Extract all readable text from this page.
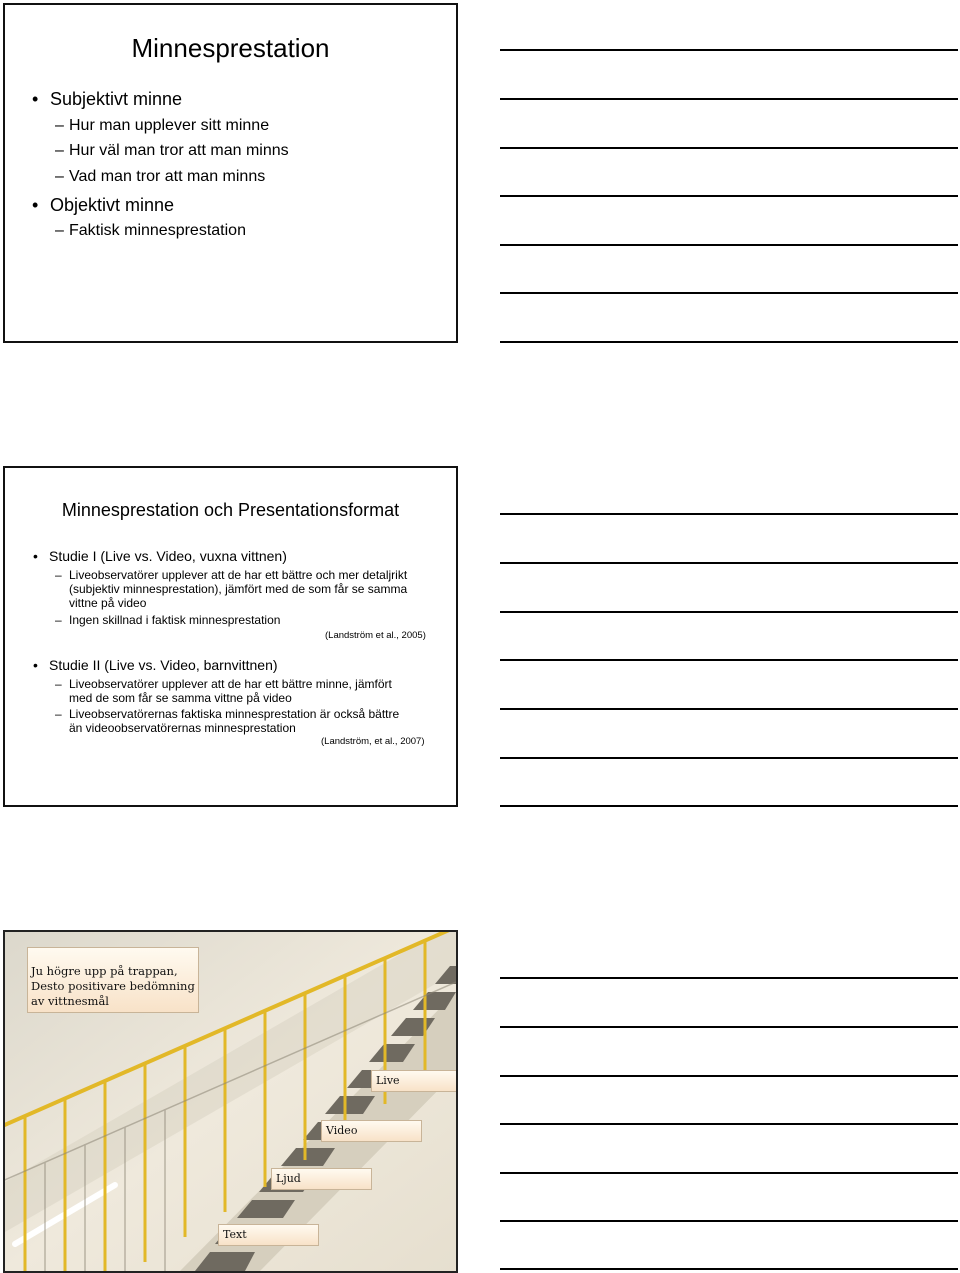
Minnesprestation
• Subjektivt minne
– Hur man upplever sitt minne
– Hur väl man tror att man minns
– Vad man tror att man minns
• Objektivt minne
– Faktisk minnesprestation
Minnesprestation och Presentationsformat
• Studie I (Live vs. Video, vuxna vittnen)
– Liveobservatörer upplever att de har ett bättre och mer detaljrikt
(subjektiv minnesprestation), jämfört med de som får se samma
vittne på video
– Ingen skillnad i faktisk minnesprestation
(Landström et al., 2005)
• Studie II (Live vs. Video, barnvittnen)
– Liveobservatörer upplever att de har ett bättre minne, jämfört
med de som får se samma vittne på video
– Liveobservatörernas faktiska minnesprestation är också bättre
än videoobservatörernas minnesprestation
(Landström, et al., 2007)
Ju högre upp på trappan,
Desto positivare bedömning
av vittnesmål
Live
Video
Ljud
Text
